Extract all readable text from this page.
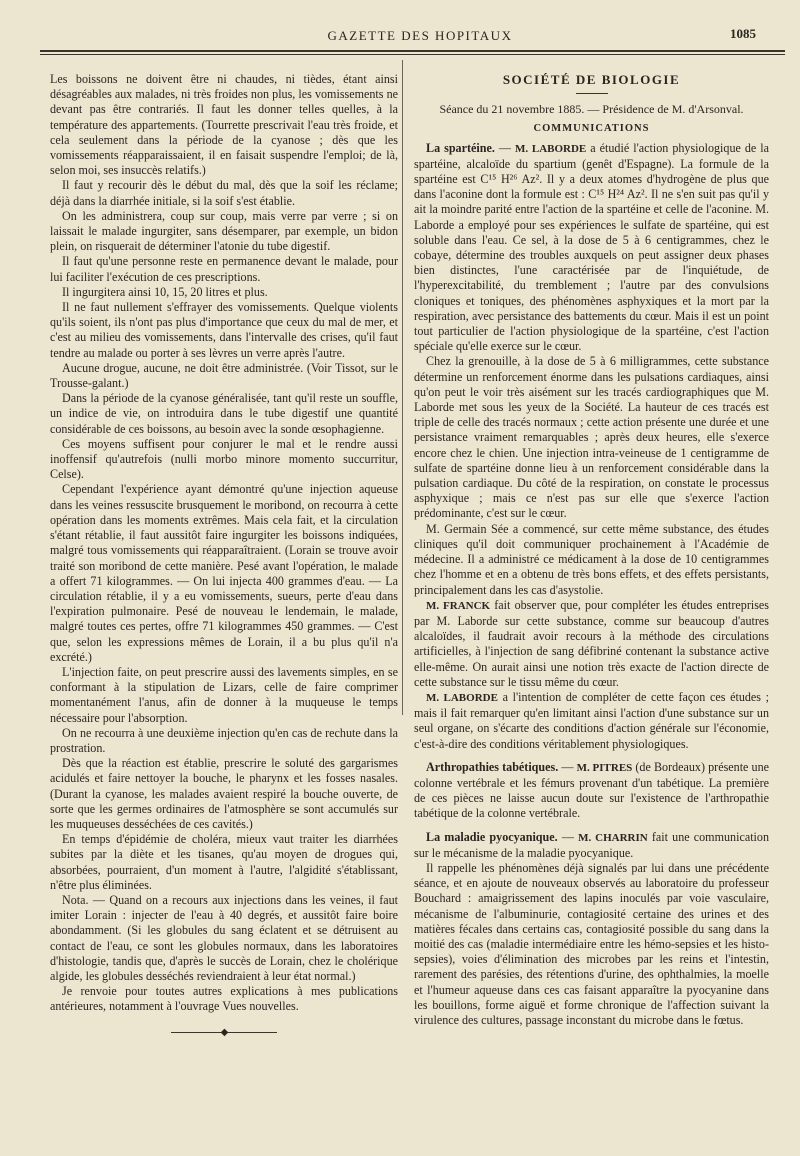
GAZETTE DES HOPITAUX	1085

Les boissons ne doivent être ni chaudes, ni tièdes, étant ainsi désagréables aux malades, ni très froides non plus, les vomissements ne devant pas être contrariés. Il faut les donner telles quelles, à la température des appartements. (Tourrette prescrivait l'eau très froide, et cela seulement dans la période de la cyanose ; dès que les vomissements réapparaissaient, il en faisait suspendre l'emploi; de là, selon moi, ses insuccès relatifs.)

Il faut y recourir dès le début du mal, dès que la soif les réclame; déjà dans la diarrhée initiale, si la soif s'est établie.

On les administrera, coup sur coup, mais verre par verre ; si on laissait le malade ingurgiter, sans désemparer, par exemple, un bidon plein, on risquerait de déterminer l'atonie du tube digestif.

Il faut qu'une personne reste en permanence devant le malade, pour lui faciliter l'exécution de ces prescriptions.

Il ingurgitera ainsi 10, 15, 20 litres et plus.

Il ne faut nullement s'effrayer des vomissements. Quelque violents qu'ils soient, ils n'ont pas plus d'importance que ceux du mal de mer, et c'est au milieu des vomissements, dans l'intervalle des crises, qu'il faut tendre au malade ou porter à ses lèvres un verre après l'autre.

Aucune drogue, aucune, ne doit être administrée. (Voir Tissot, sur le Trousse-galant.)

Dans la période de la cyanose généralisée, tant qu'il reste un souffle, un indice de vie, on introduira dans le tube digestif une quantité considérable de ces boissons, au besoin avec la sonde œsophagienne.

Ces moyens suffisent pour conjurer le mal et le rendre aussi inoffensif qu'autrefois (nulli morbo minore momento succurritur, Celse).

Cependant l'expérience ayant démontré qu'une injection aqueuse dans les veines ressuscite brusquement le moribond, on recourra à cette opération dans les moments extrêmes. Mais cela fait, et la circulation s'étant rétablie, il faut aussitôt faire ingurgiter les boissons indiquées, malgré tous vomissements qui réapparaîtraient. (Lorain se trouve avoir traité son moribond de cette manière. Pesé avant l'opération, le malade a offert 71 kilogrammes. — On lui injecta 400 grammes d'eau. — La circulation rétablie, il y a eu vomissements, sueurs, perte d'eau dans l'expiration pulmonaire. Pesé de nouveau le lendemain, le malade, malgré toutes ces pertes, offre 71 kilogrammes 450 grammes. — C'est que, selon les expressions mêmes de Lorain, il a bu plus qu'il n'a excrété.)

L'injection faite, on peut prescrire aussi des lavements simples, en se conformant à la stipulation de Lizars, celle de faire comprimer momentanément l'anus, afin de donner à la muqueuse le temps nécessaire pour l'absorption.

On ne recourra à une deuxième injection qu'en cas de rechute dans la prostration.

Dès que la réaction est établie, prescrire le soluté des gargarismes acidulés et faire nettoyer la bouche, le pharynx et les fosses nasales. (Durant la cyanose, les malades avaient respiré la bouche ouverte, de sorte que les germes ordinaires de l'atmosphère se sont accumulés sur les muqueuses desséchées de ces cavités.)

En temps d'épidémie de choléra, mieux vaut traiter les diarrhées subites par la diète et les tisanes, qu'au moyen de drogues qui, absorbées, pourraient, d'un moment à l'autre, l'algidité s'établissant, n'être plus éliminées.

Nota. — Quand on a recours aux injections dans les veines, il faut imiter Lorain : injecter de l'eau à 40 degrés, et aussitôt faire boire abondamment. (Si les globules du sang éclatent et se détruisent au contact de l'eau, ce sont les globules normaux, dans les laboratoires d'histologie, tandis que, d'après le succès de Lorain, chez le cholérique algide, les globules desséchés reviendraient à leur état normal.)

Je renvoie pour toutes autres explications à mes publications antérieures, notamment à l'ouvrage Vues nouvelles.

◆
SOCIÉTÉ DE BIOLOGIE
Séance du 21 novembre 1885. — Présidence de M. d'Arsonval.
COMMUNICATIONS

La spartéine. — M. LABORDE a étudié l'action physiologique de la spartéine, alcaloïde du spartium (genêt d'Espagne). La formule de la spartéine est C¹⁵ H²⁶ Az². Il y a deux atomes d'hydrogène de plus que dans l'aconine dont la formule est : C¹⁵ H²⁴ Az². Il ne s'en suit pas qu'il y ait la moindre parité entre l'action de la spartéine et celle de l'aconine. M. Laborde a employé pour ses expériences le sulfate de spartéine, qui est soluble dans l'eau. Ce sel, à la dose de 5 à 6 centigrammes, chez le cobaye, détermine des troubles auxquels on peut assigner deux phases bien distinctes, l'une caractérisée par de l'inquiétude, de l'hyperexcitabilité, du tremblement ; l'autre par des convulsions cloniques et toniques, des phénomènes asphyxiques et la mort par la respiration, avec persistance des battements du cœur. Mais il est un point tout particulier de l'action physiologique de la spartéine, c'est l'action spéciale qu'elle exerce sur le cœur.

Chez la grenouille, à la dose de 5 à 6 milligrammes, cette substance détermine un renforcement énorme dans les pulsations cardiaques, ainsi qu'on peut le voir très aisément sur les tracés cardiographiques que M. Laborde met sous les yeux de la Société. La hauteur de ces tracés est triple de celle des tracés normaux ; cette action présente une durée et une persistance vraiment remarquables ; après deux heures, elle s'exerce encore chez le chien. Une injection intra-veineuse de 1 centigramme de sulfate de spartéine donne lieu à un renforcement considérable dans la pulsation cardiaque. Du côté de la respiration, on constate le processus asphyxique ; mais ce n'est pas sur elle que s'exerce l'action prédominante, c'est sur le cœur.

M. Germain Sée a commencé, sur cette même substance, des études cliniques qu'il doit communiquer prochainement à l'Académie de médecine. Il a administré ce médicament à la dose de 10 centigrammes chez l'homme et en a obtenu de très bons effets, et des effets persistants, principalement dans les cas d'asystolie.

M. FRANCK fait observer que, pour compléter les études entreprises par M. Laborde sur cette substance, comme sur beaucoup d'autres alcaloïdes, il faudrait avoir recours à la méthode des circulations artificielles, à l'injection de sang défibriné contenant la substance active elle-même. On aurait ainsi une notion très exacte de l'action directe de cette substance sur le tissu même du cœur.

M. LABORDE a l'intention de compléter de cette façon ces études ; mais il fait remarquer qu'en limitant ainsi l'action d'une substance sur un seul organe, on s'écarte des conditions d'action générale sur l'économie, c'est-à-dire des conditions véritablement physiologiques.

Arthropathies tabétiques. — M. PITRES (de Bordeaux) présente une colonne vertébrale et les fémurs provenant d'un tabétique. La première de ces pièces ne laisse aucun doute sur l'existence de l'arthropathie tabétique de la colonne vertébrale.

La maladie pyocyanique. — M. CHARRIN fait une communication sur le mécanisme de la maladie pyocyanique.

Il rappelle les phénomènes déjà signalés par lui dans une précédente séance, et en ajoute de nouveaux observés au laboratoire du professeur Bouchard : amaigrissement des lapins inoculés par voie vasculaire, mécanisme de l'albuminurie, contagiosité certaine des urines et des matières fécales dans certains cas, contagiosité possible du sang dans la moitié des cas (maladie intermédiaire entre les hémo-sepsies et les histo-sepsies), voies d'élimination des microbes par les reins et l'intestin, rarement des parésies, des rétentions d'urine, des ophthalmies, la moelle et l'humeur aqueuse dans ces cas faisant apparaître la pyocyanine dans les bouillons, forme aiguë et forme chronique de l'affection suivant la virulence des cultures, passage inconstant du microbe dans le fœtus.
